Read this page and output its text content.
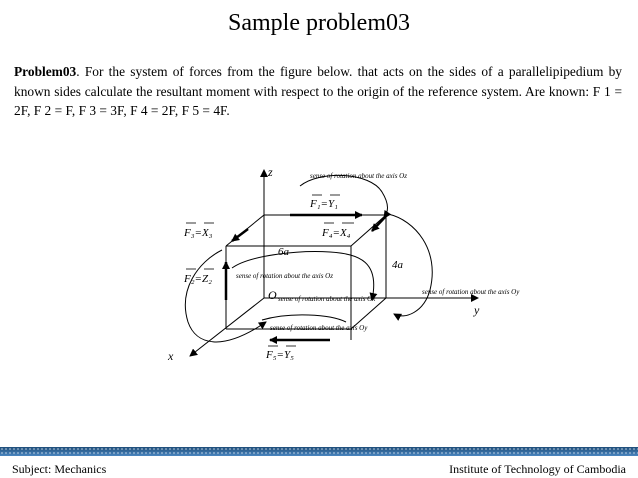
Sample problem03
Problem03. For the system of forces from the figure below. that acts on the sides of a parallelipipedium by known sides calculate the resultant moment with respect to the origin of the reference system. Are known: F 1 = 2F, F 2 = F, F 3 = 3F, F 4 = 2F, F 5 = 4F.
z
y
x
O
6a
4a
F₁=Y₁
F₃=X₃	F₄=X₄
F₂=Z₂
F₅=Y₅
sense of rotation about the axis Oz
sense of rotation about the axis Oz
sense of rotation about the axis Ox
sense of rotation about the axis Oy
sense of rotation about the axis Oy
Subject: Mechanics	Institute of Technology of Cambodia
